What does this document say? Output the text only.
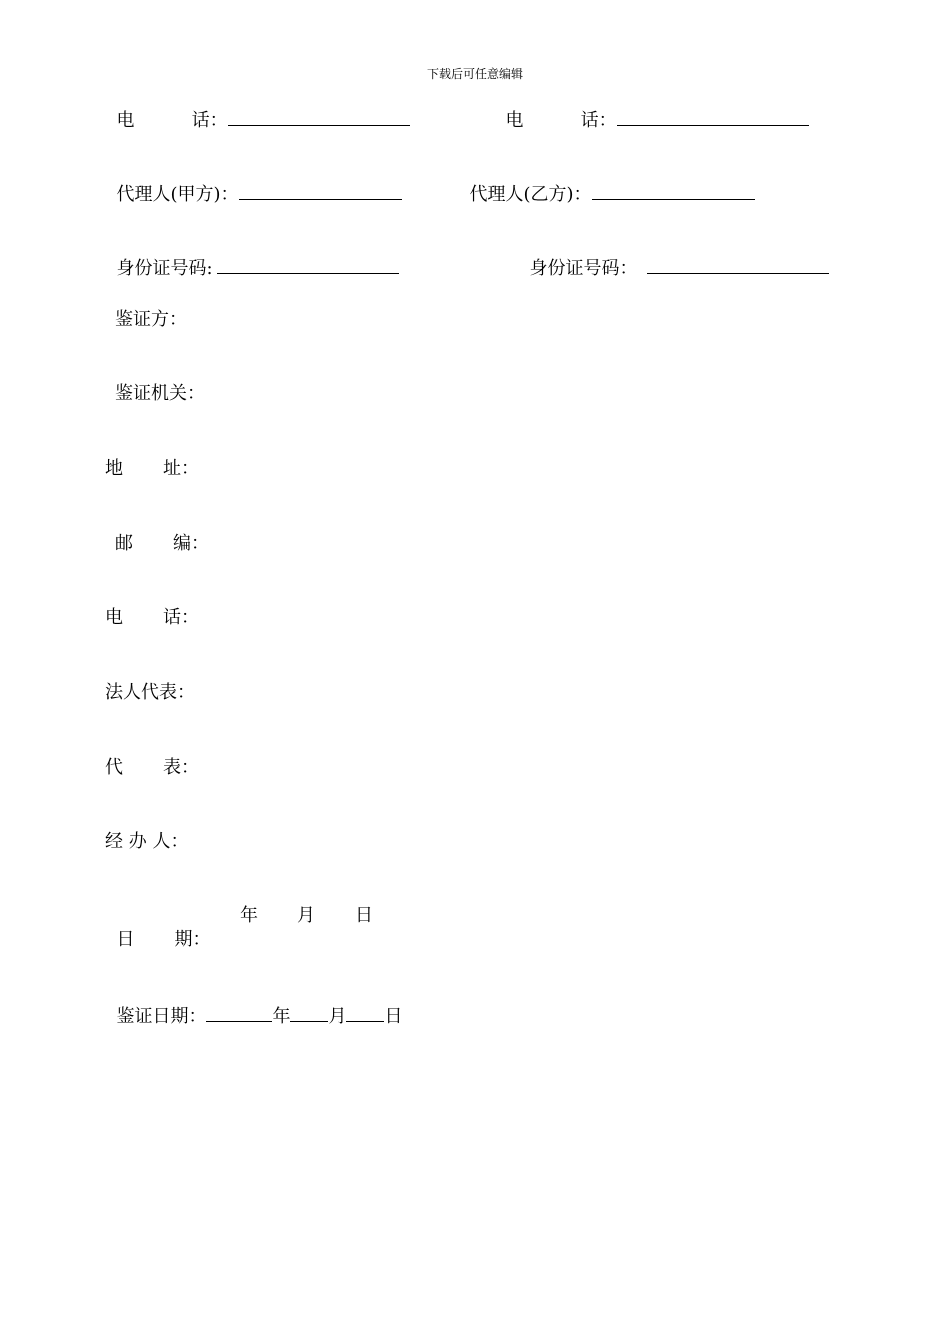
下载后可任意编辑

电          话：	电          话：

代理人(甲方)：	代理人(乙方)：

身份证号码:	身份证号码：

鉴证方：
鉴证机关：
地       址：
邮       编：
电       话：
法人代表：
代       表：
经 办 人：

日       期：

年 月 日

鉴证日期：	年 月 日
